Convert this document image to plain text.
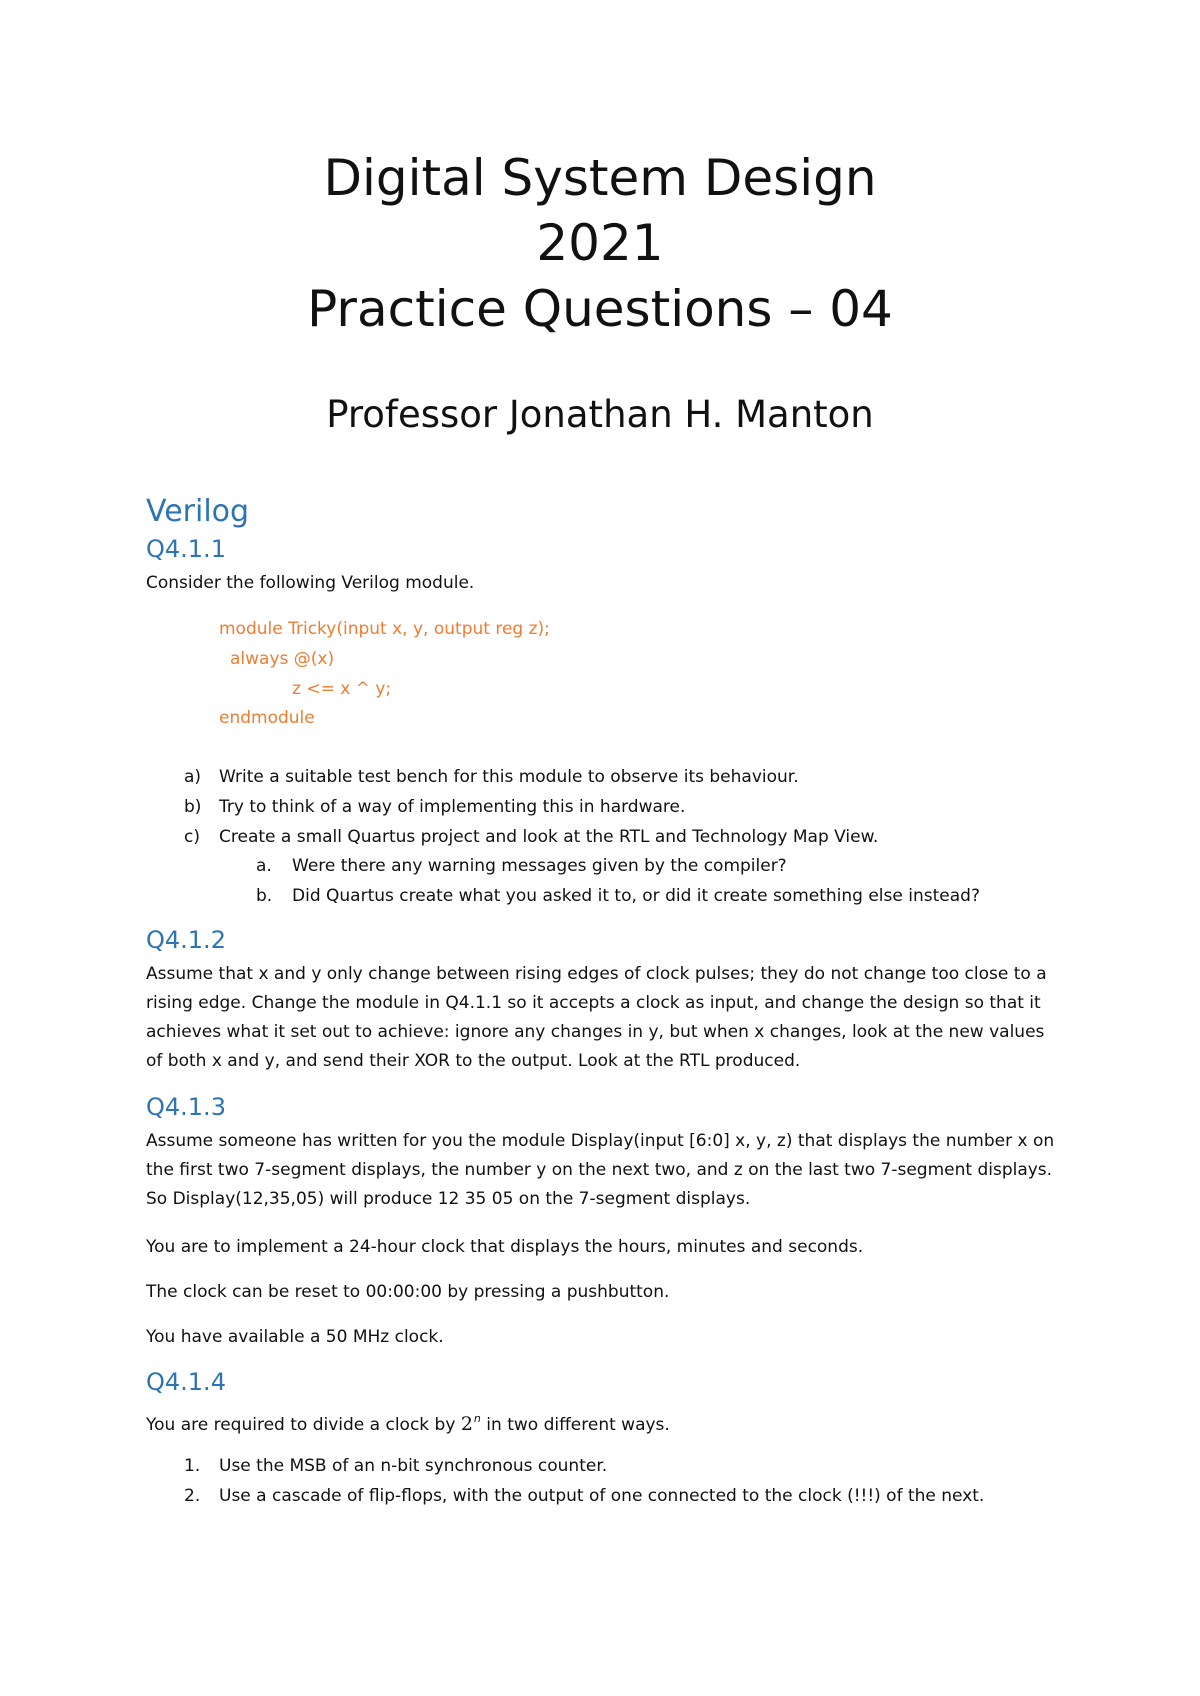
Digital System Design
2021
Practice Questions – 04
Professor Jonathan H. Manton
Verilog
Q4.1.1
Consider the following Verilog module.
module Tricky(input x, y, output reg z);
always @(x)
z <= x ^ y;
endmodule
a) Write a suitable test bench for this module to observe its behaviour.
b) Try to think of a way of implementing this in hardware.
c) Create a small Quartus project and look at the RTL and Technology Map View.
a. Were there any warning messages given by the compiler?
b. Did Quartus create what you asked it to, or did it create something else instead?
Q4.1.2
Assume that x and y only change between rising edges of clock pulses; they do not change too close to a rising edge. Change the module in Q4.1.1 so it accepts a clock as input, and change the design so that it achieves what it set out to achieve: ignore any changes in y, but when x changes, look at the new values of both x and y, and send their XOR to the output. Look at the RTL produced.
Q4.1.3
Assume someone has written for you the module Display(input [6:0] x, y, z) that displays the number x on the first two 7-segment displays, the number y on the next two, and z on the last two 7-segment displays. So Display(12,35,05) will produce 12 35 05 on the 7-segment displays.
You are to implement a 24-hour clock that displays the hours, minutes and seconds.
The clock can be reset to 00:00:00 by pressing a pushbutton.
You have available a 50 MHz clock.
Q4.1.4
You are required to divide a clock by 2$^n$ in two different ways.
1. Use the MSB of an n-bit synchronous counter.
2. Use a cascade of flip-flops, with the output of one connected to the clock (!!!) of the next.
